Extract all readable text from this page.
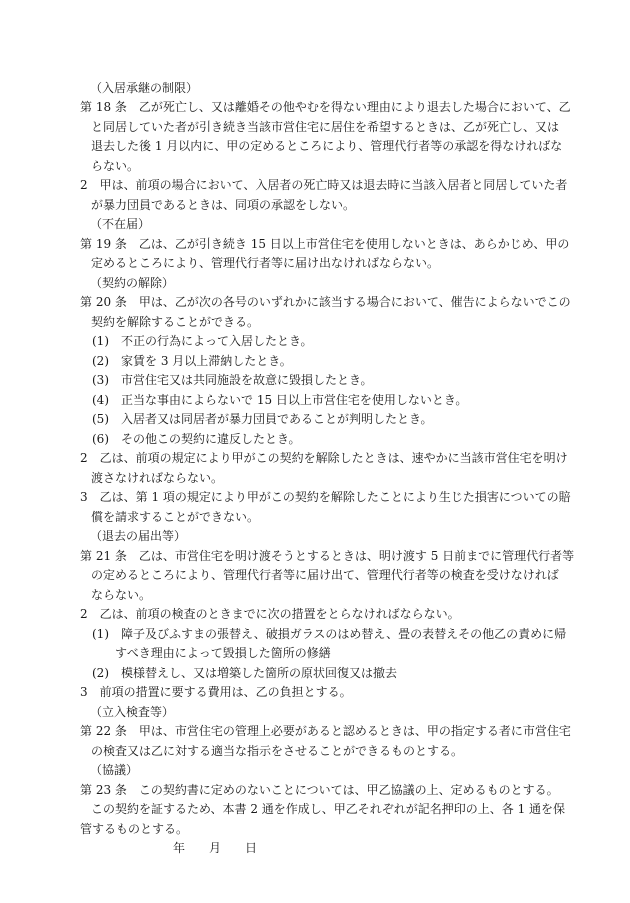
（入居承継の制限）
第 18 条　乙が死亡し、又は離婚その他やむを得ない理由により退去した場合において、乙
と同居していた者が引き続き当該市営住宅に居住を希望するときは、乙が死亡し、又は
退去した後 1 月以内に、甲の定めるところにより、管理代行者等の承認を得なければな
らない。
2　甲は、前項の場合において、入居者の死亡時又は退去時に当該入居者と同居していた者
が暴力団員であるときは、同項の承認をしない。
（不在届）
第 19 条　乙は、乙が引き続き 15 日以上市営住宅を使用しないときは、あらかじめ、甲の
定めるところにより、管理代行者等に届け出なければならない。
（契約の解除）
第 20 条　甲は、乙が次の各号のいずれかに該当する場合において、催告によらないでこの
契約を解除することができる。
(1)　不正の行為によって入居したとき。
(2)　家賃を 3 月以上滞納したとき。
(3)　市営住宅又は共同施設を故意に毀損したとき。
(4)　正当な事由によらないで 15 日以上市営住宅を使用しないとき。
(5)　入居者又は同居者が暴力団員であることが判明したとき。
(6)　その他この契約に違反したとき。
2　乙は、前項の規定により甲がこの契約を解除したときは、速やかに当該市営住宅を明け
渡さなければならない。
3　乙は、第 1 項の規定により甲がこの契約を解除したことにより生じた損害についての賠
償を請求することができない。
（退去の届出等）
第 21 条　乙は、市営住宅を明け渡そうとするときは、明け渡す 5 日前までに管理代行者等
の定めるところにより、管理代行者等に届け出て、管理代行者等の検査を受けなければ
ならない。
2　乙は、前項の検査のときまでに次の措置をとらなければならない。
(1)　障子及びふすまの張替え、破損ガラスのはめ替え、畳の表替えその他乙の責めに帰
すべき理由によって毀損した箇所の修繕
(2)　模様替えし、又は増築した箇所の原状回復又は撤去
3　前項の措置に要する費用は、乙の負担とする。
（立入検査等）
第 22 条　甲は、市営住宅の管理上必要があると認めるときは、甲の指定する者に市営住宅
の検査又は乙に対する適当な指示をさせることができるものとする。
（協議）
第 23 条　この契約書に定めのないことについては、甲乙協議の上、定めるものとする。
この契約を証するため、本書 2 通を作成し、甲乙それぞれが記名押印の上、各 1 通を保
管するものとする。
年　　月　　日
